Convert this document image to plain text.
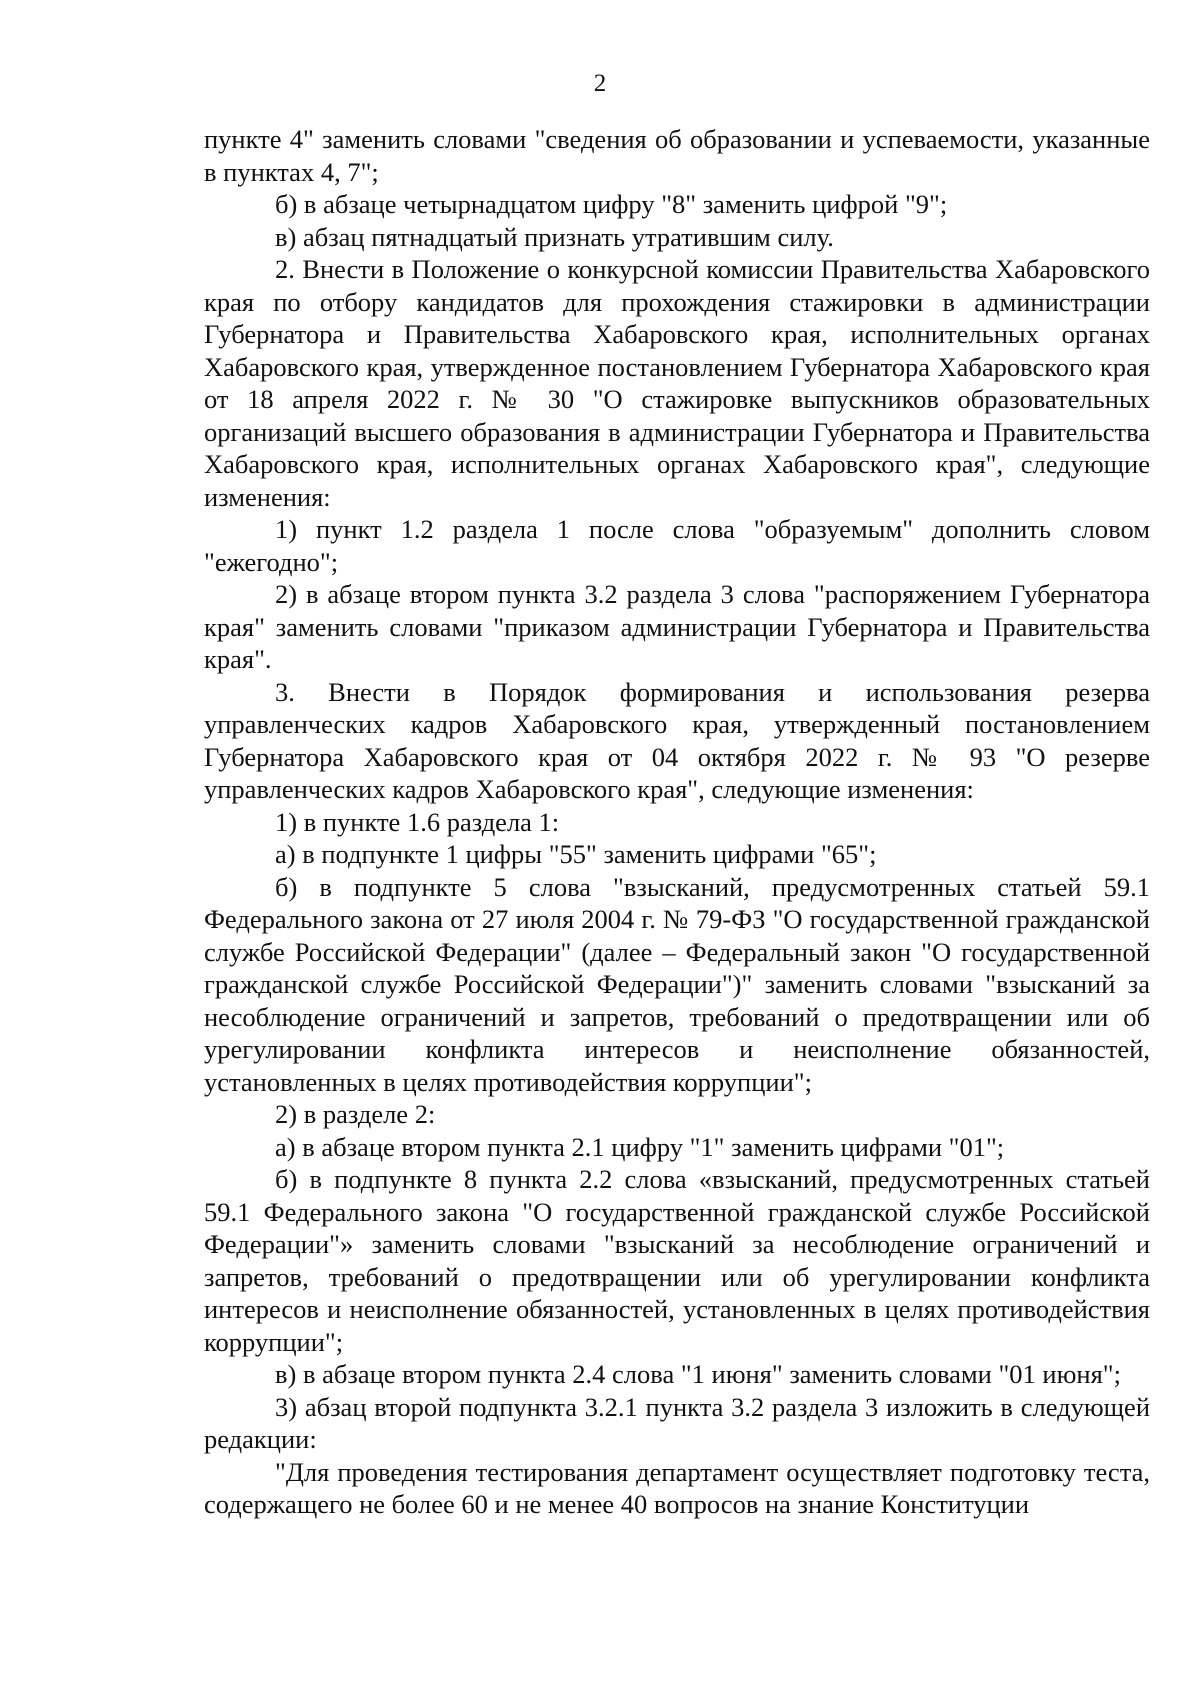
2

пункте 4" заменить словами "сведения об образовании и успеваемости, указанные в пунктах 4, 7";

б) в абзаце четырнадцатом цифру "8" заменить цифрой "9";

в) абзац пятнадцатый признать утратившим силу.

2. Внести в Положение о конкурсной комиссии Правительства Хабаровского края по отбору кандидатов для прохождения стажировки в администрации Губернатора и Правительства Хабаровского края, исполнительных органах Хабаровского края, утвержденное постановлением Губернатора Хабаровского края от 18 апреля 2022 г. № 30 "О стажировке выпускников образовательных организаций высшего образования в администрации Губернатора и Правительства Хабаровского края, исполнительных органах Хабаровского края", следующие изменения:

1) пункт 1.2 раздела 1 после слова "образуемым" дополнить словом "ежегодно";

2) в абзаце втором пункта 3.2 раздела 3 слова "распоряжением Губернатора края" заменить словами "приказом администрации Губернатора и Правительства края".

3. Внести в Порядок формирования и использования резерва управленческих кадров Хабаровского края, утвержденный постановлением Губернатора Хабаровского края от 04 октября 2022 г. № 93 "О резерве управленческих кадров Хабаровского края", следующие изменения:

1) в пункте 1.6 раздела 1:

а) в подпункте 1 цифры "55" заменить цифрами "65";

б) в подпункте 5 слова "взысканий, предусмотренных статьей 59.1 Федерального закона от 27 июля 2004 г. № 79-ФЗ "О государственной гражданской службе Российской Федерации" (далее – Федеральный закон "О государственной гражданской службе Российской Федерации")" заменить словами "взысканий за несоблюдение ограничений и запретов, требований о предотвращении или об урегулировании конфликта интересов и неисполнение обязанностей, установленных в целях противодействия коррупции";

2) в разделе 2:

а) в абзаце втором пункта 2.1 цифру "1" заменить цифрами "01";

б) в подпункте 8 пункта 2.2 слова «взысканий, предусмотренных статьей 59.1 Федерального закона "О государственной гражданской службе Российской Федерации"» заменить словами "взысканий за несоблюдение ограничений и запретов, требований о предотвращении или об урегулировании конфликта интересов и неисполнение обязанностей, установленных в целях противодействия коррупции";

в) в абзаце втором пункта 2.4 слова "1 июня" заменить словами "01 июня";

3) абзац второй подпункта 3.2.1 пункта 3.2 раздела 3 изложить в следующей редакции:

"Для проведения тестирования департамент осуществляет подготовку теста, содержащего не более 60 и не менее 40 вопросов на знание Конституции
